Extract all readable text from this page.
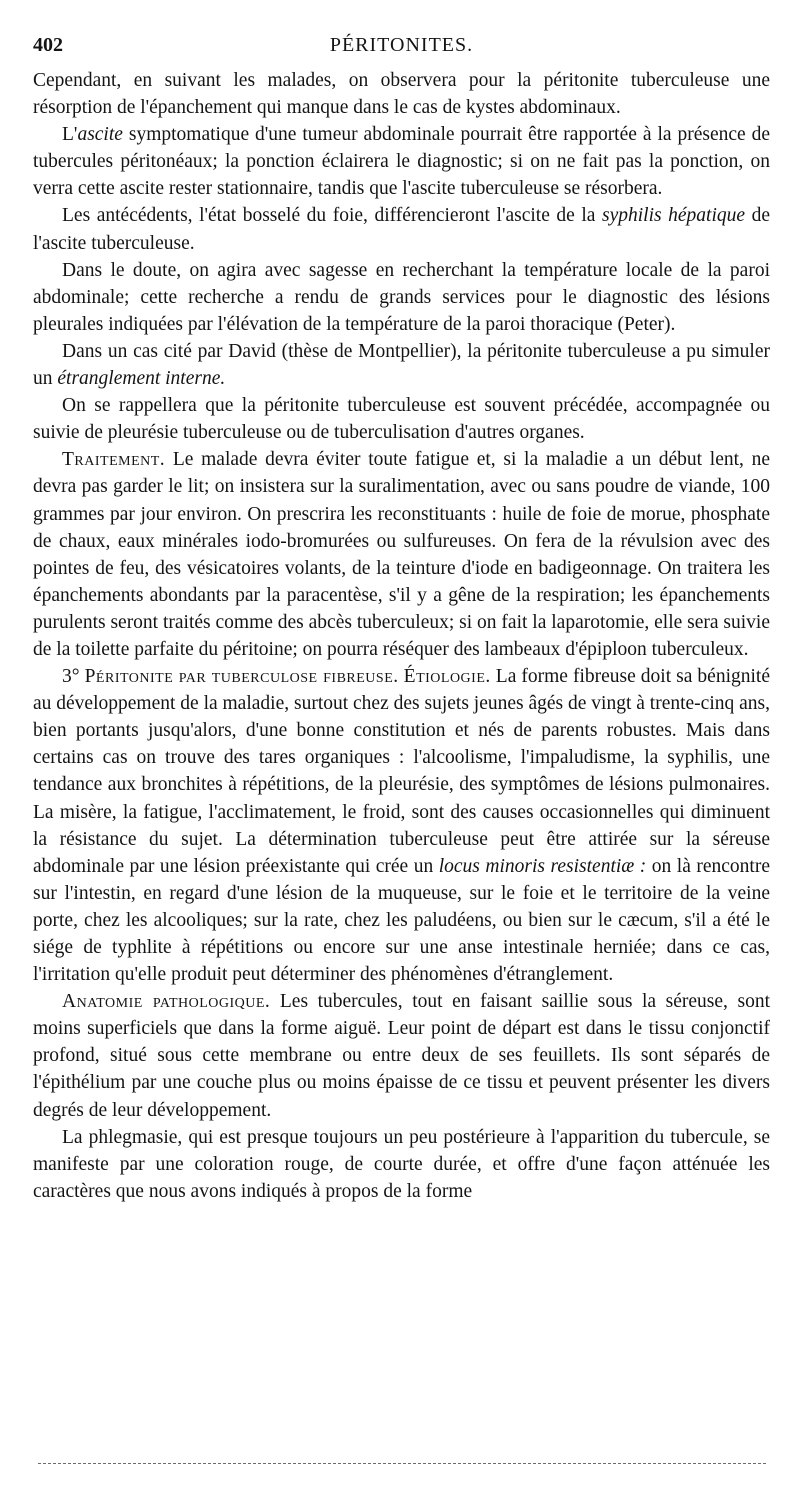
402	PÉRITONITES.

Cependant, en suivant les malades, on observera pour la péritonite tuberculeuse une résorption de l'épanchement qui manque dans le cas de kystes abdominaux.

L'ascite symptomatique d'une tumeur abdominale pourrait être rapportée à la présence de tubercules péritonéaux; la ponction éclairera le diagnostic; si on ne fait pas la ponction, on verra cette ascite rester stationnaire, tandis que l'ascite tuberculeuse se résorbera.

Les antécédents, l'état bosselé du foie, différencieront l'ascite de la syphilis hépatique de l'ascite tuberculeuse.

Dans le doute, on agira avec sagesse en recherchant la température locale de la paroi abdominale; cette recherche a rendu de grands services pour le diagnostic des lésions pleurales indiquées par l'élévation de la température de la paroi thoracique (Peter).

Dans un cas cité par David (thèse de Montpellier), la péritonite tuberculeuse a pu simuler un étranglement interne.

On se rappellera que la péritonite tuberculeuse est souvent précédée, accompagnée ou suivie de pleurésie tuberculeuse ou de tuberculisation d'autres organes.

Traitement. Le malade devra éviter toute fatigue et, si la maladie a un début lent, ne devra pas garder le lit; on insistera sur la suralimentation, avec ou sans poudre de viande, 100 grammes par jour environ. On prescrira les reconstituants : huile de foie de morue, phosphate de chaux, eaux minérales iodo-bromurées ou sulfureuses. On fera de la révulsion avec des pointes de feu, des vésicatoires volants, de la teinture d'iode en badigeonnage. On traitera les épanchements abondants par la paracentèse, s'il y a gêne de la respiration; les épanchements purulents seront traités comme des abcès tuberculeux; si on fait la laparotomie, elle sera suivie de la toilette parfaite du péritoine; on pourra réséquer des lambeaux d'épiploon tuberculeux.

3° Péritonite par tuberculose fibreuse. Étiologie. La forme fibreuse doit sa bénignité au développement de la maladie, surtout chez des sujets jeunes âgés de vingt à trente-cinq ans, bien portants jusqu'alors, d'une bonne constitution et nés de parents robustes. Mais dans certains cas on trouve des tares organiques : l'alcoolisme, l'impaludisme, la syphilis, une tendance aux bronchites à répétitions, de la pleurésie, des symptômes de lésions pulmonaires. La misère, la fatigue, l'acclimatement, le froid, sont des causes occasionnelles qui diminuent la résistance du sujet. La détermination tuberculeuse peut être attirée sur la séreuse abdominale par une lésion préexistante qui crée un locus minoris resistentiæ : on là rencontre sur l'intestin, en regard d'une lésion de la muqueuse, sur le foie et le territoire de la veine porte, chez les alcooliques; sur la rate, chez les paludéens, ou bien sur le cæcum, s'il a été le siége de typhlite à répétitions ou encore sur une anse intestinale herniée; dans ce cas, l'irritation qu'elle produit peut déterminer des phénomènes d'étranglement.

Anatomie pathologique. Les tubercules, tout en faisant saillie sous la séreuse, sont moins superficiels que dans la forme aiguë. Leur point de départ est dans le tissu conjonctif profond, situé sous cette membrane ou entre deux de ses feuillets. Ils sont séparés de l'épithélium par une couche plus ou moins épaisse de ce tissu et peuvent présenter les divers degrés de leur développement.

La phlegmasie, qui est presque toujours un peu postérieure à l'apparition du tubercule, se manifeste par une coloration rouge, de courte durée, et offre d'une façon atténuée les caractères que nous avons indiqués à propos de la forme
